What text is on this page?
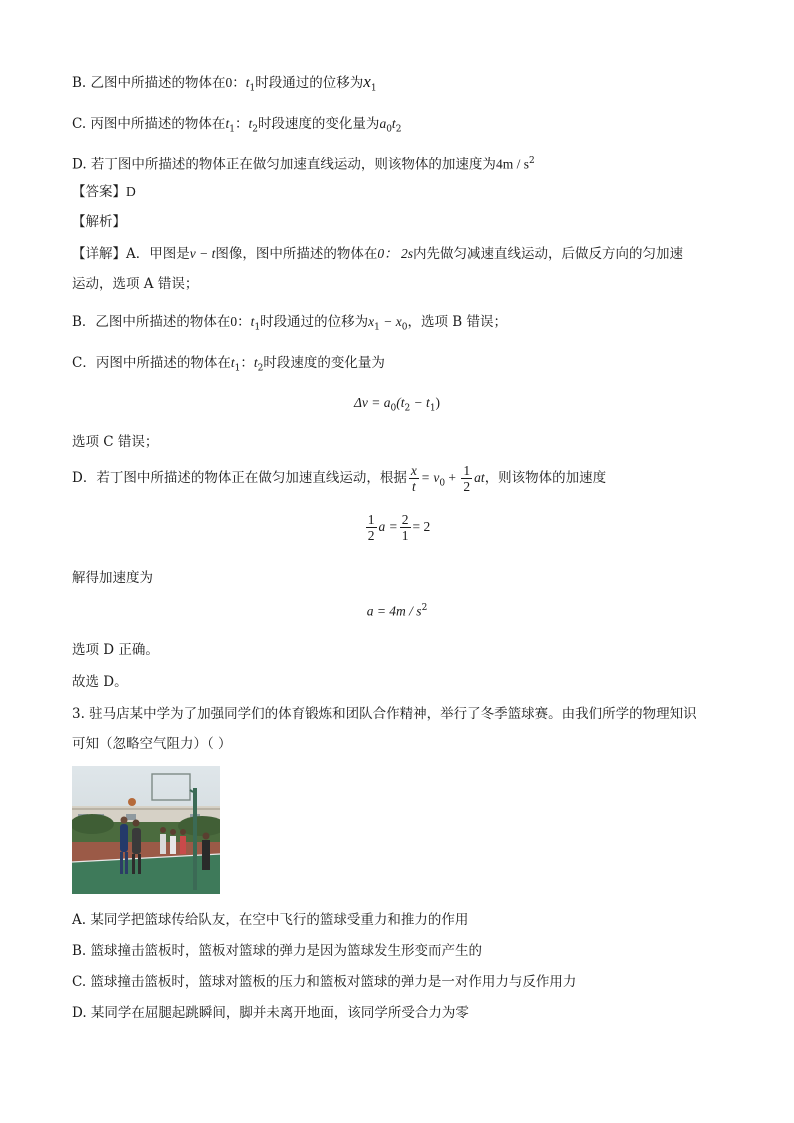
B. 乙图中所描述的物体在0：$t_1$时段通过的位移为$x_1$
C. 丙图中所描述的物体在$t_1$：$t_2$时段速度的变化量为$a_0t_2$
D. 若丁图中所描述的物体正在做匀加速直线运动，则该物体的加速度为$4m / s^2$
【答案】D
【解析】
【详解】A．甲图是v − t图像，图中所描述的物体在0： 2s内先做匀减速直线运动，后做反方向的匀加速
运动，选项 A 错误；
B．乙图中所描述的物体在0：$t_1$时段通过的位移为$x_1 - x_0$，选项 B 错误；
C．丙图中所描述的物体在$t_1$：$t_2$时段速度的变化量为
$\Delta v = a_0(t_2 - t_1)$
选项 C 错误；
D．若丁图中所描述的物体正在做匀加速直线运动，根据 $\frac{x}{t} = v_0 + \frac{1}{2}$ at，则该物体的加速度
$\frac{1}{2}$ $a = \frac{2}{1} = 2$
解得加速度为
$a = 4m / s^2$
选项 D 正确。
故选 D。
3. 驻马店某中学为了加强同学们的体育锻炼和团队合作精神，举行了冬季篮球赛。由我们所学的物理知识
可知（忽略空气阻力）（ ）
A. 某同学把篮球传给队友，在空中飞行的篮球受重力和推力的作用
B. 篮球撞击篮板时，篮板对篮球的弹力是因为篮球发生形变而产生的
C. 篮球撞击篮板时，篮球对篮板的压力和篮板对篮球的弹力是一对作用力与反作用力
D. 某同学在屈腿起跳瞬间，脚并未离开地面，该同学所受合力为零
